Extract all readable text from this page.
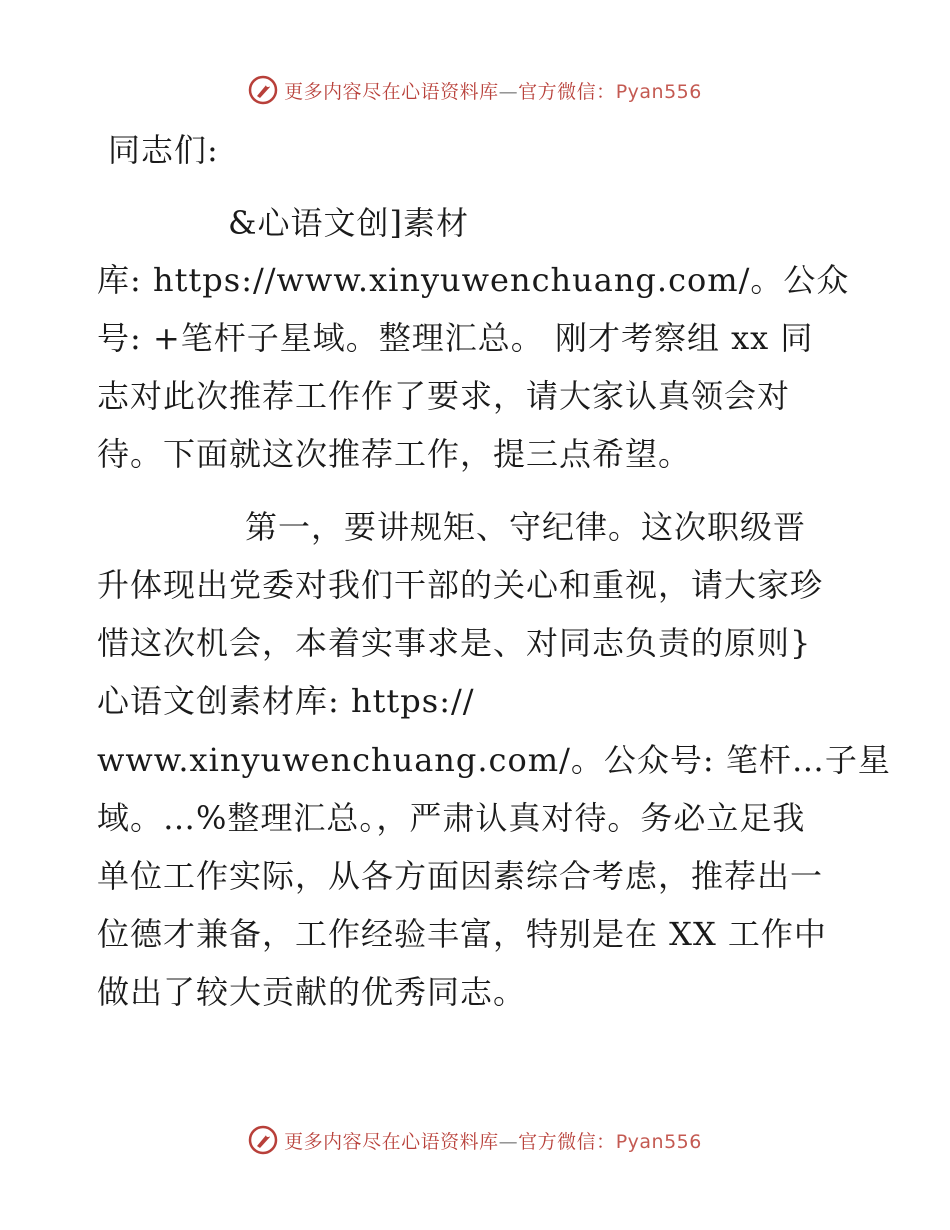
更多内容尽在心语资料库—官方微信：Pyan556
同志们:
&心语文创]素材
库: https://www.xinyuwenchuang.com/。公众
号: +笔杆子星域。整理汇总。 刚才考察组 xx 同
志对此次推荐工作作了要求，请大家认真领会对
待。下面就这次推荐工作，提三点希望。
第一，要讲规矩、守纪律。这次职级晋
升体现出党委对我们干部的关心和重视，请大家珍
惜这次机会，本着实事求是、对同志负责的原则}
心语文创素材库: https://
www.xinyuwenchuang.com/。公众号: 笔杆…子星
域。…%整理汇总。，严肃认真对待。务必立足我
单位工作实际，从各方面因素综合考虑，推荐出一
位德才兼备，工作经验丰富，特别是在 XX 工作中
做出了较大贡献的优秀同志。
更多内容尽在心语资料库—官方微信：Pyan556
